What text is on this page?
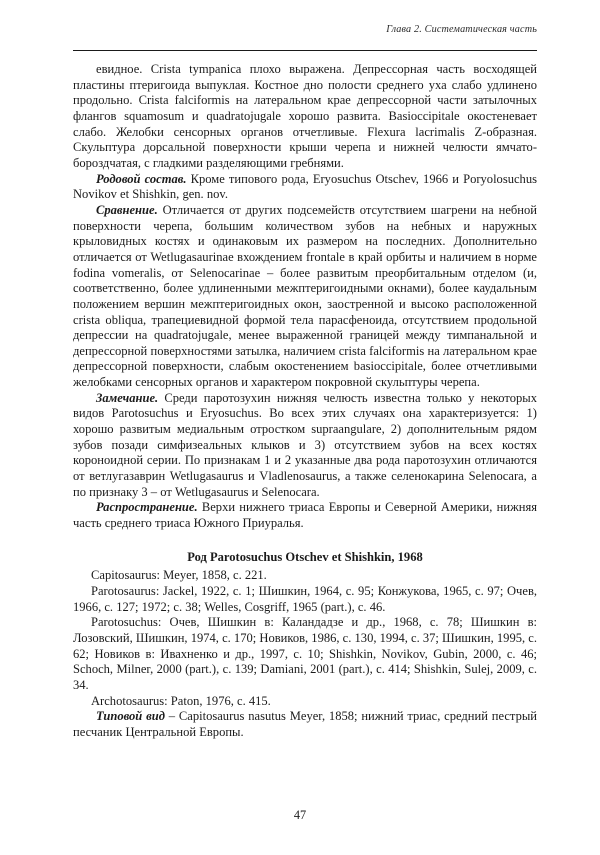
Глава 2. Систематическая часть

евидное. Crista tympanica плохо выражена. Депрессорная часть восходящей пластины птеригоида выпуклая. Костное дно полости среднего уха слабо удлинено продольно. Crista falciformis на латеральном крае депрессорной части затылочных флангов squamosum и quadratojugale хорошо развита. Basioccipitale окостеневает слабо. Желобки сенсорных органов отчетливые. Flexura lacrimalis Z-образная. Скульптура дорсальной поверхности крыши черепа и нижней челюсти ямчато-бороздчатая, с гладкими разделяющими гребнями.

Родовой состав. Кроме типового рода, Eryosuchus Otschev, 1966 и Poryolosuchus Novikov et Shishkin, gen. nov.

Сравнение. Отличается от других подсемейств отсутствием шагрени на небной поверхности черепа, большим количеством зубов на небных и наружных крыловидных костях и одинаковым их размером на последних. Дополнительно отличается от Wetlugasaurinae вхождением frontale в край орбиты и наличием в норме fodina vomeralis, от Selenocarinae – более развитым преорбитальным отделом (и, соответственно, более удлиненными межптеригоидными окнами), более каудальным положением вершин межптеригоидных окон, заостренной и высоко расположенной crista obliqua, трапециевидной формой тела парасфеноида, отсутствием продольной депрессии на quadratojugale, менее выраженной границей между тимпанальной и депрессорной поверхностями затылка, наличием crista falciformis на латеральном крае депрессорной поверхности, слабым окостенением basioccipitale, более отчетливыми желобками сенсорных органов и характером покровной скульптуры черепа.

Замечание. Среди паротозухин нижняя челюсть известна только у некоторых видов Parotosuchus и Eryosuchus. Во всех этих случаях она характеризуется: 1) хорошо развитым медиальным отростком supraangulare, 2) дополнительным рядом зубов позади симфизеальных клыков и 3) отсутствием зубов на всех костях короноидной серии. По признакам 1 и 2 указанные два рода паротозухин отличаются от ветлугазаврин Wetlugasaurus и Vladlenosaurus, а также селенокарина Selenocara, а по признаку 3 – от Wetlugasaurus и Selenocara.

Распространение. Верхи нижнего триаса Европы и Северной Америки, нижняя часть среднего триаса Южного Приуралья.

Род Parotosuchus Otschev et Shishkin, 1968

Capitosaurus: Meyer, 1858, с. 221.

Parotosaurus: Jackel, 1922, с. 1; Шишкин, 1964, с. 95; Конжукова, 1965, с. 97; Очев, 1966, с. 127; 1972; с. 38; Welles, Cosgriff, 1965 (part.), с. 46.

Parotosuchus: Очев, Шишкин в: Каландадзе и др., 1968, с. 78; Шишкин в: Лозовский, Шишкин, 1974, с. 170; Новиков, 1986, с. 130, 1994, с. 37; Шишкин, 1995, с. 62; Новиков в: Ивахненко и др., 1997, с. 10; Shishkin, Novikov, Gubin, 2000, с. 46; Schoch, Milner, 2000 (part.), с. 139; Damiani, 2001 (part.), с. 414; Shishkin, Sulej, 2009, с. 34.

Archotosaurus: Paton, 1976, с. 415.

Типовой вид – Capitosaurus nasutus Meyer, 1858; нижний триас, средний пестрый песчаник Центральной Европы.

47
